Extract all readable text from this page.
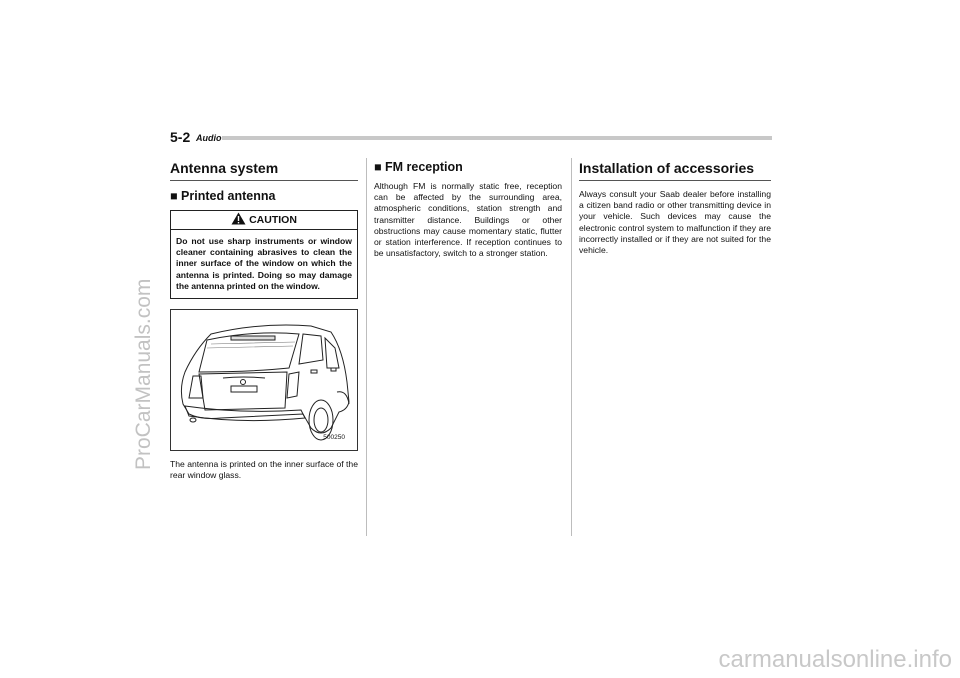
ProCarManuals.com
carmanualsonline.info
5-2 Audio
Antenna system
■ Printed antenna
CAUTION
Do not use sharp instruments or window cleaner containing abrasives to clean the inner surface of the window on which the antenna is printed. Doing so may damage the antenna printed on the window.
500250

The antenna is printed on the inner surface of the rear window glass.

■ FM reception

Although FM is normally static free, reception can be affected by the surrounding area, atmospheric conditions, station strength and transmitter distance. Buildings or other obstructions may cause momentary static, flutter or station interference. If reception continues to be unsatisfactory, switch to a stronger station.

Installation of accessories

Always consult your Saab dealer before installing a citizen band radio or other transmitting device in your vehicle. Such devices may cause the electronic control system to malfunction if they are incorrectly installed or if they are not suited for the vehicle.
